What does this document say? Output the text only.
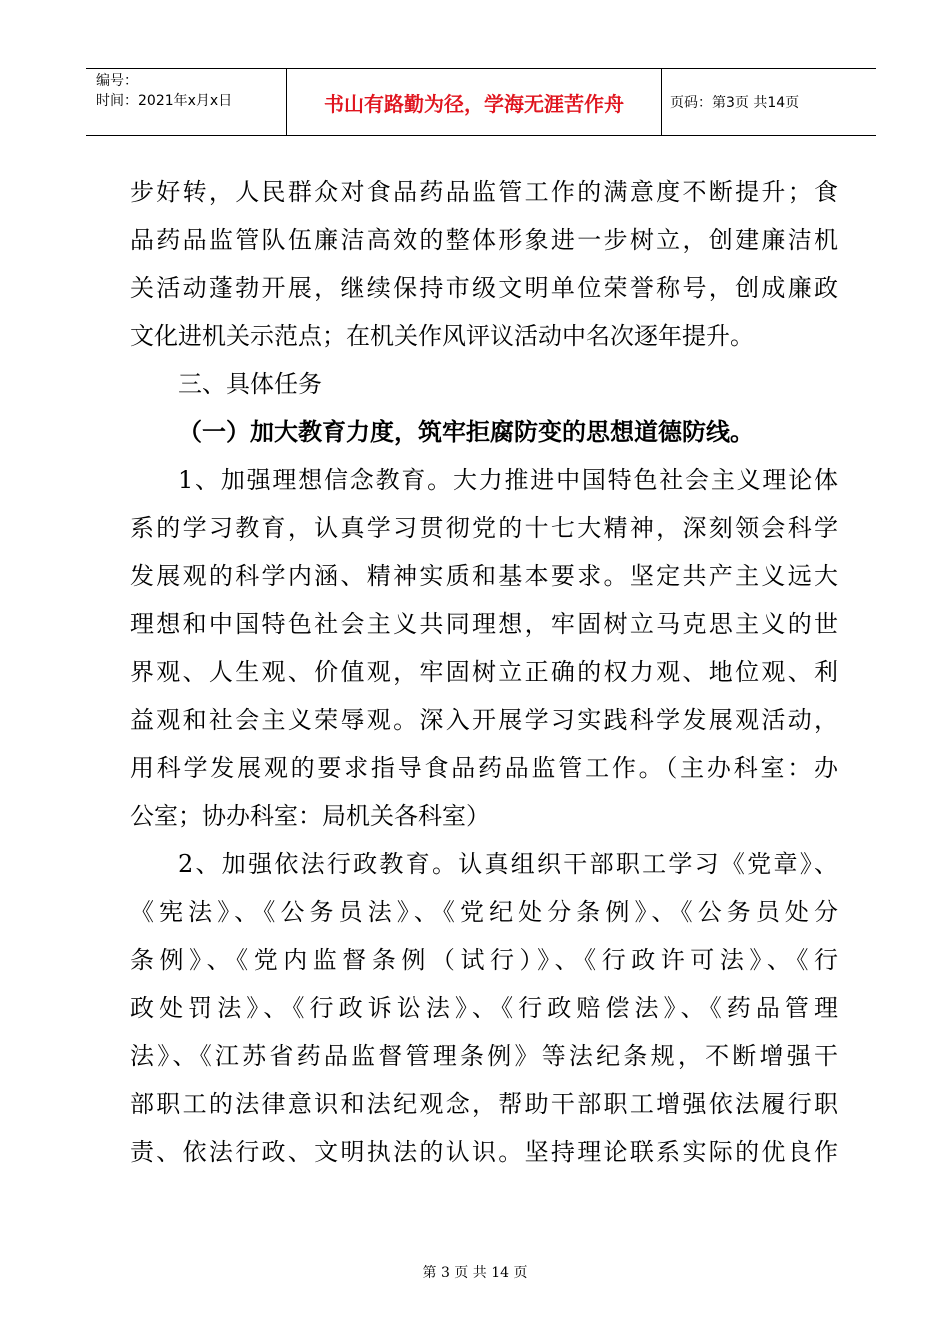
编号：
时间：2021年x月x日	书山有路勤为径，学海无涯苦作舟	页码：第3页 共14页
步好转，人民群众对食品药品监管工作的满意度不断提升；食
品药品监管队伍廉洁高效的整体形象进一步树立，创建廉洁机
关活动蓬勃开展，继续保持市级文明单位荣誉称号，创成廉政
文化进机关示范点；在机关作风评议活动中名次逐年提升。
三、具体任务
（一）加大教育力度，筑牢拒腐防变的思想道德防线。
1、加强理想信念教育。大力推进中国特色社会主义理论体
系的学习教育，认真学习贯彻党的十七大精神，深刻领会科学
发展观的科学内涵、精神实质和基本要求。坚定共产主义远大
理想和中国特色社会主义共同理想，牢固树立马克思主义的世
界观、人生观、价值观，牢固树立正确的权力观、地位观、利
益观和社会主义荣辱观。深入开展学习实践科学发展观活动，
用科学发展观的要求指导食品药品监管工作。（主办科室：办
公室；协办科室：局机关各科室）
2、加强依法行政教育。认真组织干部职工学习《党章》、
《宪法》、《公务员法》、《党纪处分条例》、《公务员处分
条例》、《党内监督条例（试行）》、《行政许可法》、《行
政处罚法》、《行政诉讼法》、《行政赔偿法》、《药品管理
法》、《江苏省药品监督管理条例》等法纪条规，不断增强干
部职工的法律意识和法纪观念，帮助干部职工增强依法履行职
责、依法行政、文明执法的认识。坚持理论联系实际的优良作
第 3 页 共 14 页
